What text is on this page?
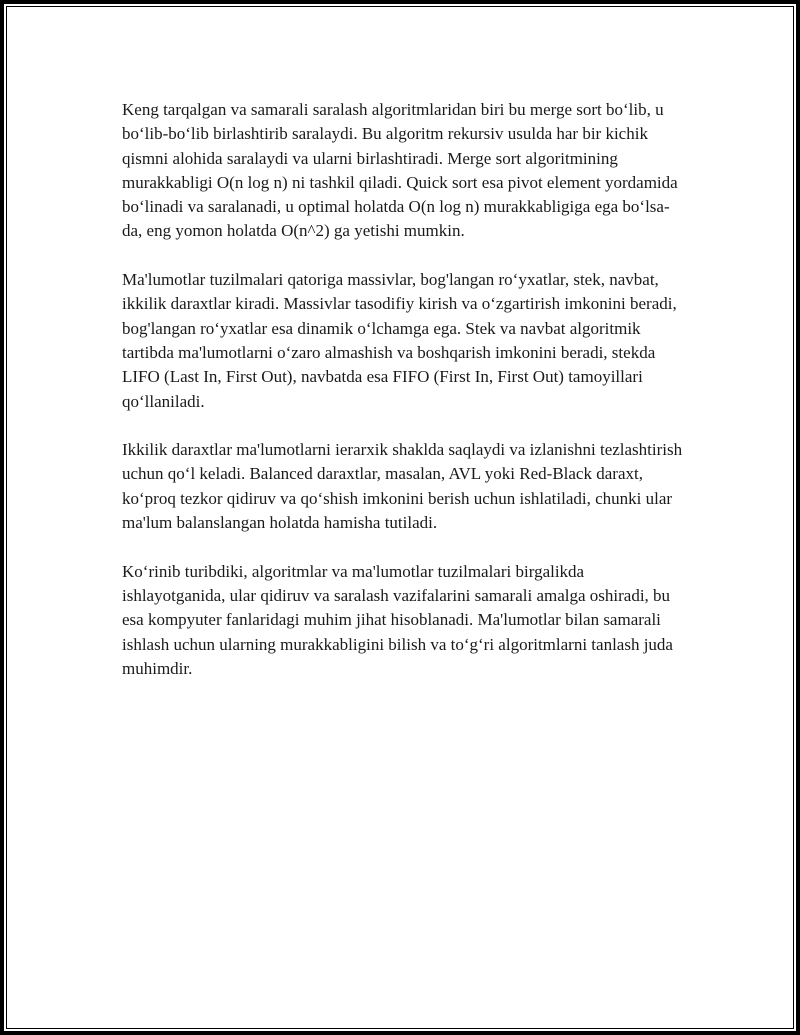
Keng tarqalgan va samarali saralash algoritmlaridan biri bu merge sort bo‘lib, u bo‘lib-bo‘lib birlashtirib saralaydi. Bu algoritm rekursiv usulda har bir kichik qismni alohida saralaydi va ularni birlashtiradi. Merge sort algoritmining murakkabligi O(n log n) ni tashkil qiladi. Quick sort esa pivot element yordamida bo‘linadi va saralanadi, u optimal holatda O(n log n) murakkabligiga ega bo‘lsa-da, eng yomon holatda O(n^2) ga yetishi mumkin.

Ma'lumotlar tuzilmalari qatoriga massivlar, bog'langan ro‘yxatlar, stek, navbat, ikkilik daraxtlar kiradi. Massivlar tasodifiy kirish va o‘zgartirish imkonini beradi, bog'langan ro‘yxatlar esa dinamik o‘lchamga ega. Stek va navbat algoritmik tartibda ma'lumotlarni o‘zaro almashish va boshqarish imkonini beradi, stekda LIFO (Last In, First Out), navbatda esa FIFO (First In, First Out) tamoyillari qo‘llaniladi.

Ikkilik daraxtlar ma'lumotlarni ierarxik shaklda saqlaydi va izlanishni tezlashtirish uchun qo‘l keladi. Balanced daraxtlar, masalan, AVL yoki Red-Black daraxt, ko‘proq tezkor qidiruv va qo‘shish imkonini berish uchun ishlatiladi, chunki ular ma'lum balanslangan holatda hamisha tutiladi.

Ko‘rinib turibdiki, algoritmlar va ma'lumotlar tuzilmalari birgalikda ishlayotganida, ular qidiruv va saralash vazifalarini samarali amalga oshiradi, bu esa kompyuter fanlaridagi muhim jihat hisoblanadi. Ma'lumotlar bilan samarali ishlash uchun ularning murakkabligini bilish va to‘g‘ri algoritmlarni tanlash juda muhimdir.
